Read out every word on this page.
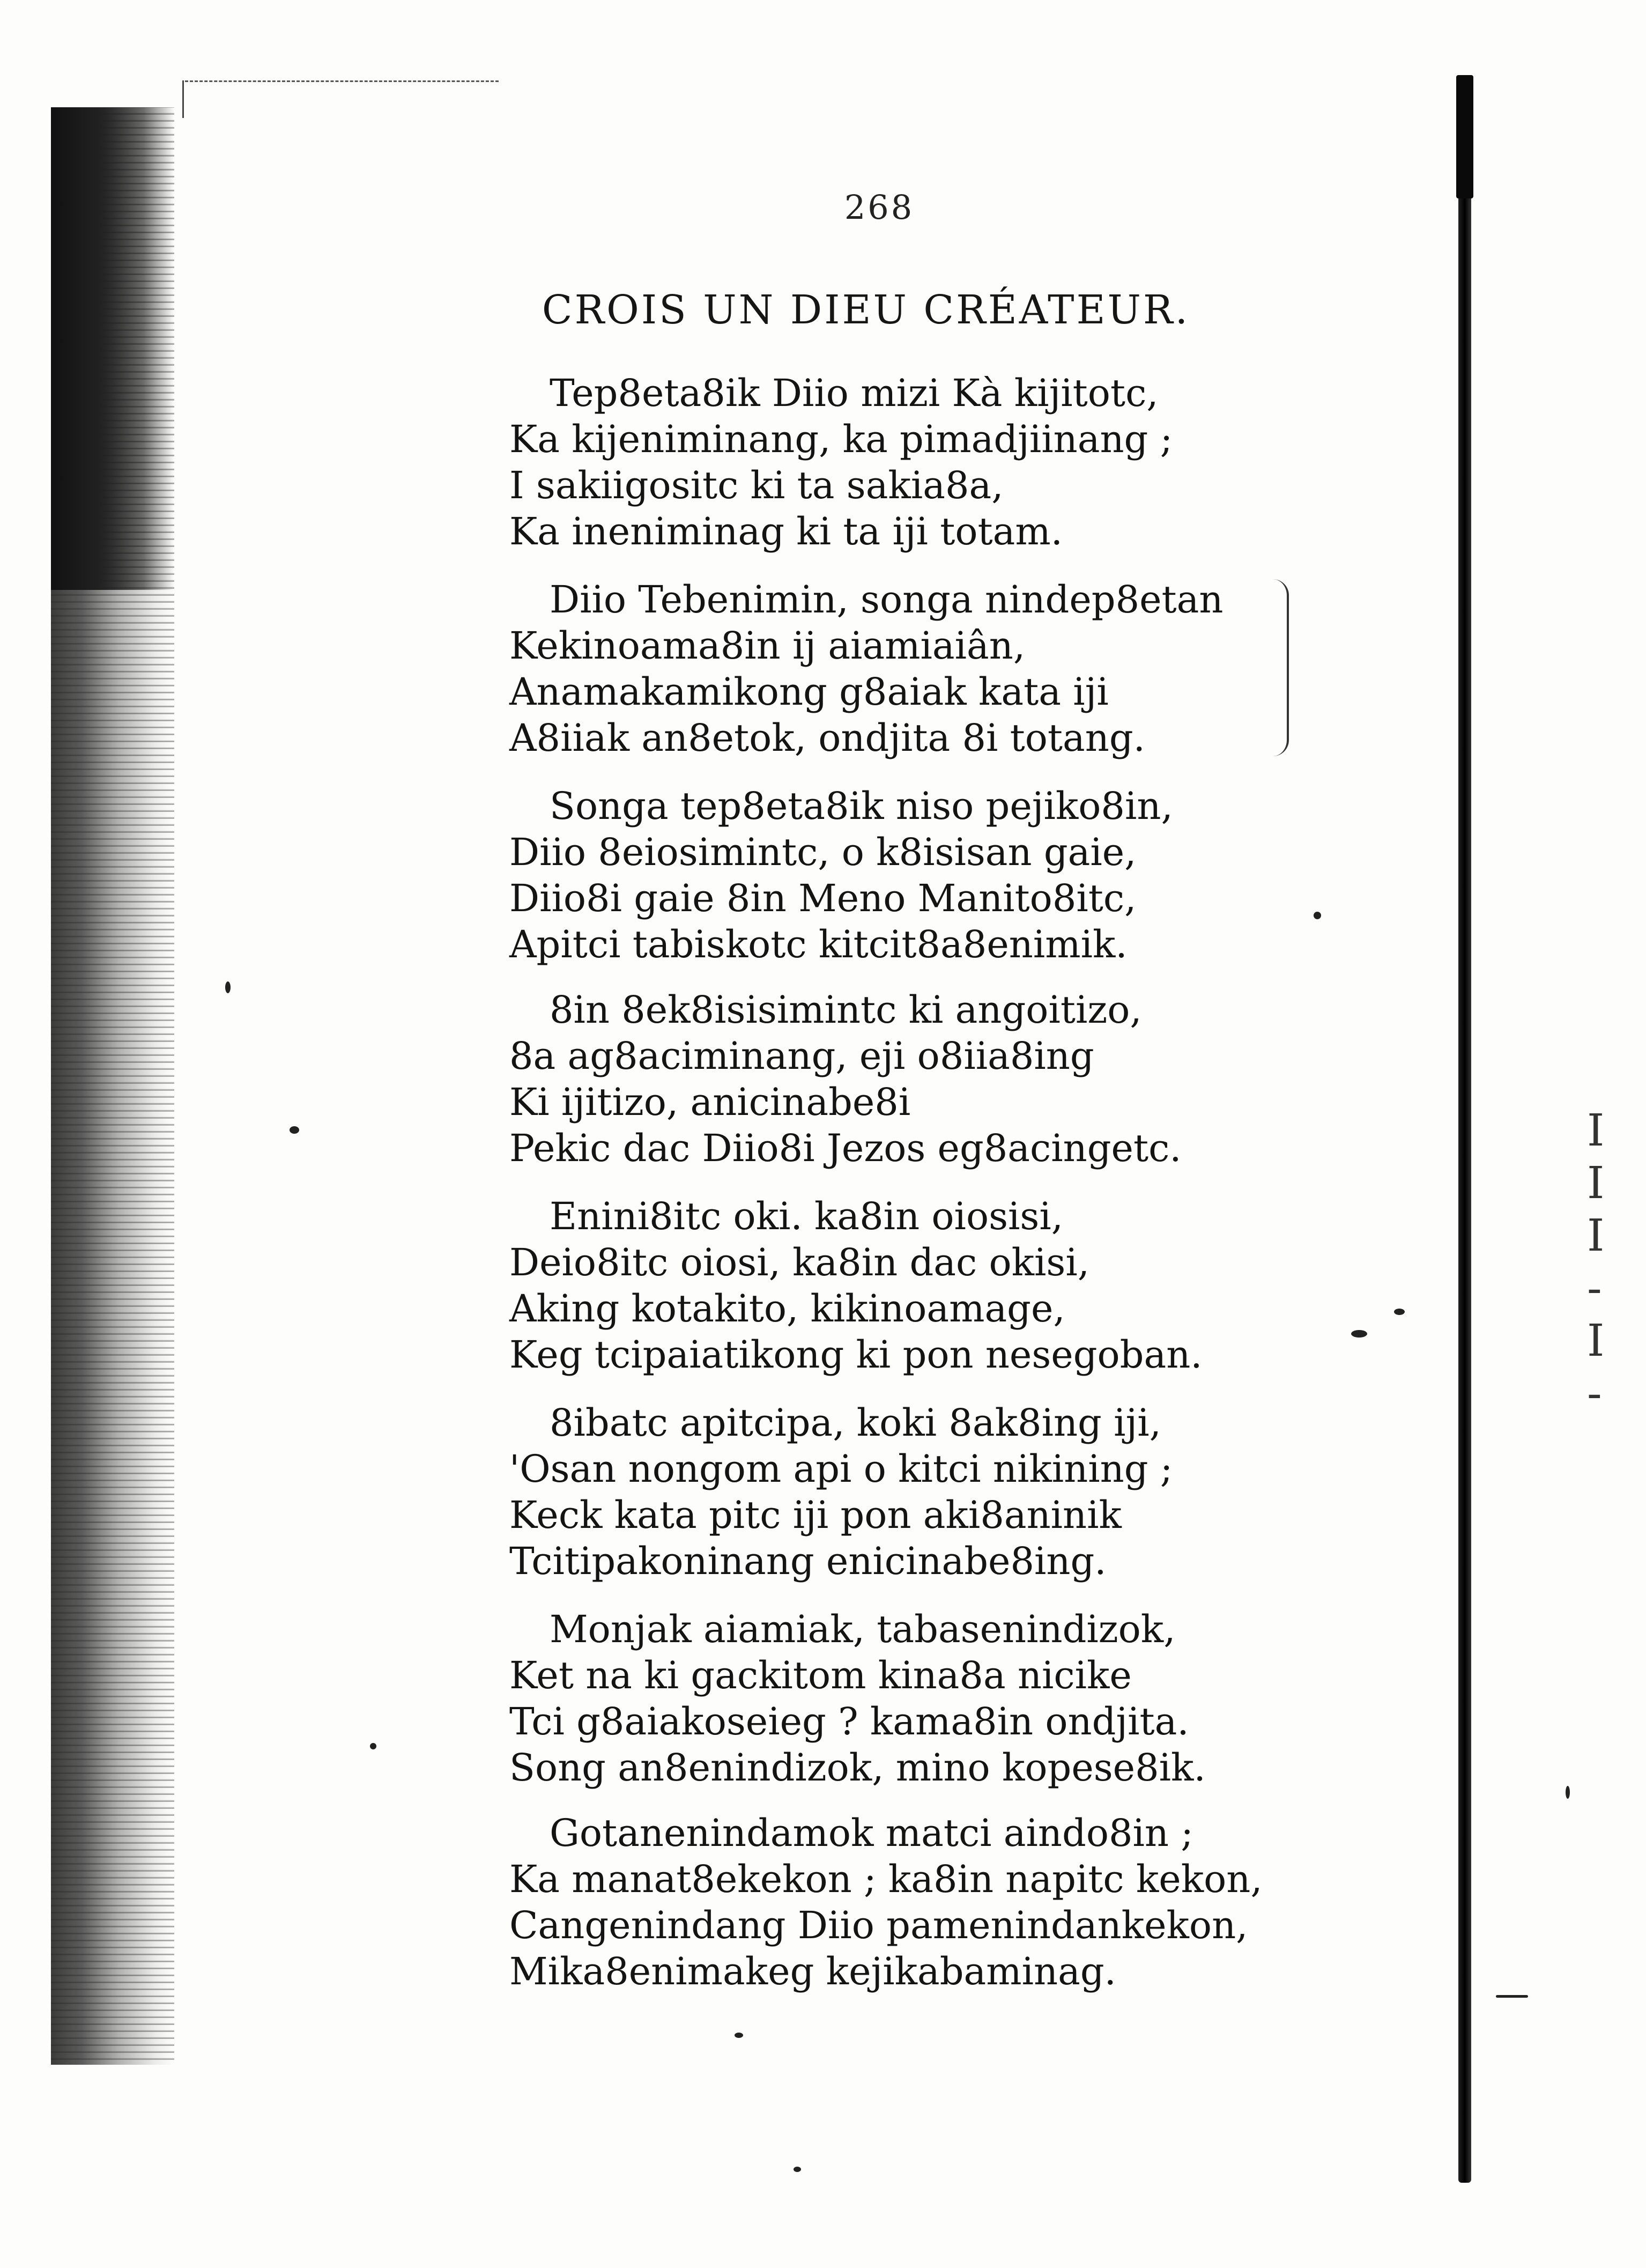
I
I
I
-
I
-
268
CROIS UN DIEU CRÉATEUR.
Tep8eta8ik Diio mizi Kà kijitotc,
Ka kijeniminang, ka pimadjiinang ;
I sakiigositc ki ta sakia8a,
Ka ineniminag ki ta iji totam.
Diio Tebenimin, songa nindep8etan
Kekinoama8in ij aiamiaiân,
Anamakamikong g8aiak kata iji
A8iiak an8etok, ondjita 8i totang.
Songa tep8eta8ik niso pejiko8in,
Diio 8eiosimintc, o k8isisan gaie,
Diio8i gaie 8in Meno Manito8itc,
Apitci tabiskotc kitcit8a8enimik.
8in 8ek8isisimintc ki angoitizo,
8a ag8aciminang, eji o8iia8ing
Ki ijitizo, anicinabe8i
Pekic dac Diio8i Jezos eg8acingetc.
Enini8itc oki. ka8in oiosisi,
Deio8itc oiosi, ka8in dac okisi,
Aking kotakito, kikinoamage,
Keg tcipaiatikong ki pon nesegoban.
8ibatc apitcipa, koki 8ak8ing iji,
'Osan nongom api o kitci nikining ;
Keck kata pitc iji pon aki8aninik
Tcitipakoninang enicinabe8ing.
Monjak aiamiak, tabasenindizok,
Ket na ki gackitom kina8a nicike
Tci g8aiakoseieg ? kama8in ondjita.
Song an8enindizok, mino kopese8ik.
Gotanenindamok matci aindo8in ;
Ka manat8ekekon ; ka8in napitc kekon,
Cangenindang Diio pamenindankekon,
Mika8enimakeg kejikabaminag.
